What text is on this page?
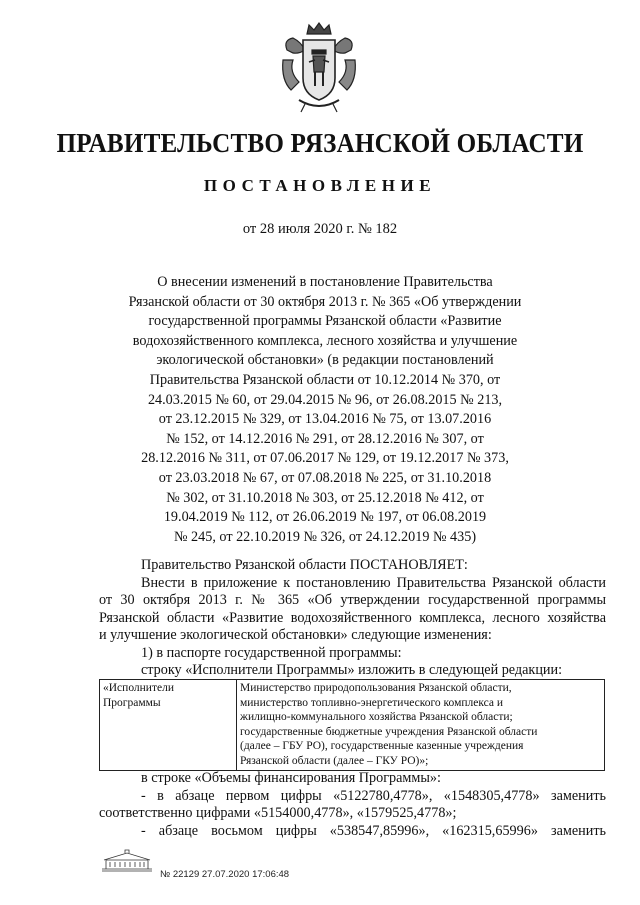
ПРАВИТЕЛЬСТВО РЯЗАНСКОЙ ОБЛАСТИ
ПОСТАНОВЛЕНИЕ
от 28 июля 2020 г. № 182
О внесении изменений в постановление Правительства
Рязанской области от 30 октября 2013 г. № 365 «Об утверждении
государственной программы Рязанской области «Развитие
водохозяйственного комплекса, лесного хозяйства и улучшение
экологической обстановки» (в редакции постановлений
Правительства Рязанской области от 10.12.2014 № 370, от
24.03.2015 № 60, от 29.04.2015 № 96, от 26.08.2015 № 213,
от 23.12.2015 № 329, от 13.04.2016 № 75, от 13.07.2016
№ 152, от 14.12.2016 № 291, от 28.12.2016 № 307, от
28.12.2016 № 311, от 07.06.2017 № 129, от 19.12.2017 № 373,
от 23.03.2018 № 67, от 07.08.2018 № 225, от 31.10.2018
№ 302, от 31.10.2018 № 303, от 25.12.2018 № 412, от
19.04.2019 № 112, от 26.06.2019 № 197, от 06.08.2019
№ 245, от 22.10.2019 № 326, от 24.12.2019 № 435)
Правительство Рязанской области ПОСТАНОВЛЯЕТ:
Внести в приложение к постановлению Правительства Рязанской области
от 30 октября 2013 г. № 365 «Об утверждении государственной программы
Рязанской области «Развитие водохозяйственного комплекса, лесного хозяйства
и улучшение экологической обстановки» следующие изменения:
1) в паспорте государственной программы:
строку «Исполнители Программы» изложить в следующей редакции:
«Исполнители Программы	
Министерство природопользования Рязанской области,
министерство топливно-энергетического комплекса и
жилищно-коммунального хозяйства Рязанской области;
государственные бюджетные учреждения Рязанской области
(далее – ГБУ РО), государственные казенные учреждения
Рязанской области (далее – ГКУ РО)»;
в строке «Объемы финансирования Программы»:
- в абзаце первом цифры «5122780,4778», «1548305,4778» заменить
соответственно цифрами «5154000,4778», «1579525,4778»;
- абзаце восьмом цифры «538547,85996», «162315,65996» заменить
№ 22129 27.07.2020 17:06:48
